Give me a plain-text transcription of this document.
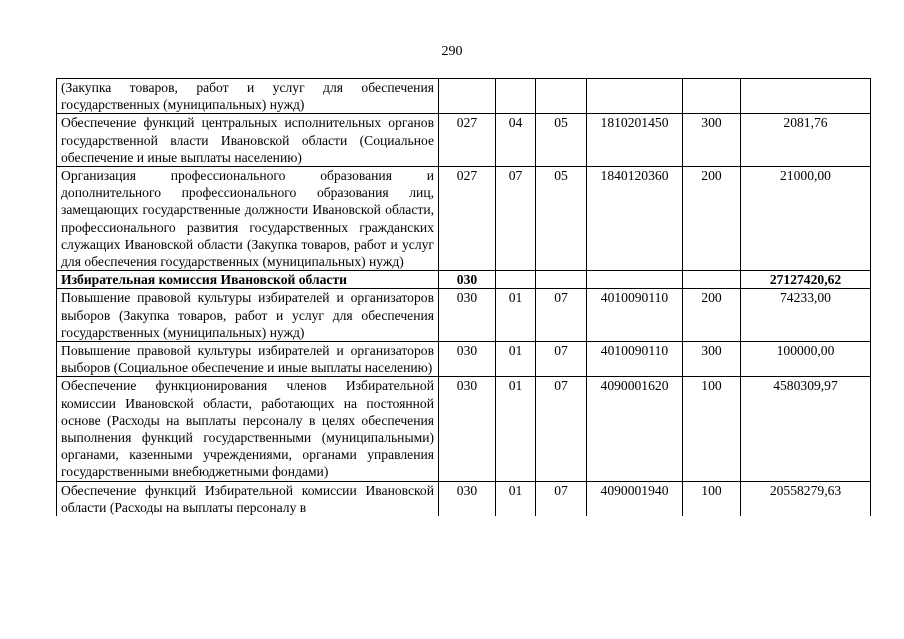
290
(Закупка товаров, работ и услуг для обеспечения государственных (муниципальных) нужд)						
Обеспечение функций центральных исполнительных органов государственной власти Ивановской области (Социальное обеспечение и иные выплаты населению)	027	04	05	1810201450	300	2081,76
Организация профессионального образования и дополнительного профессионального образования лиц, замещающих государственные должности Ивановской области, профессионального развития государственных гражданских служащих Ивановской области (Закупка товаров, работ и услуг для обеспечения государственных (муниципальных) нужд)	027	07	05	1840120360	200	21000,00
Избирательная комиссия Ивановской области	030					27127420,62
Повышение правовой культуры избирателей и организаторов выборов (Закупка товаров, работ и услуг для обеспечения государственных (муниципальных) нужд)	030	01	07	4010090110	200	74233,00
Повышение правовой культуры избирателей и организаторов выборов (Социальное обеспечение и иные выплаты населению)	030	01	07	4010090110	300	100000,00
Обеспечение функционирования членов Избирательной комиссии Ивановской области, работающих на постоянной основе (Расходы на выплаты персоналу в целях обеспечения выполнения функций государственными (муниципальными) органами, казенными учреждениями, органами управления государственными внебюджетными фондами)	030	01	07	4090001620	100	4580309,97
Обеспечение функций Избирательной комиссии Ивановской области (Расходы на выплаты персоналу в	030	01	07	4090001940	100	20558279,63
